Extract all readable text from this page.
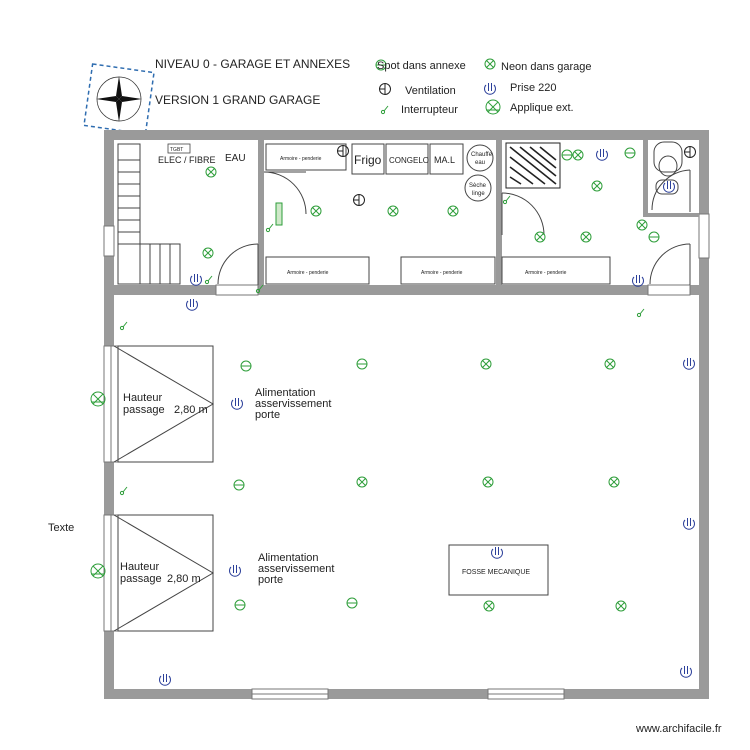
NIVEAU 0 - GARAGE ET ANNEXES
VERSION 1 GRAND GARAGE
Spot dans annexe	Neon dans garage
Ventilation	Prise 220
Interrupteur	Applique ext.
TGBT
ELEC / FIBRE EAU	Armoire - penderie	Frigo CONGELO MA.L	Chauffe
eau
Sèche
linge
Armoire - penderie	Armoire - penderie	Armoire - penderie
Hauteur
passage 2,80 m
Hauteur
passage 2,80 m
Alimentation
asservissement
porte
Alimentation
asservissement
porte
FOSSE MECANIQUE
Texte
www.archifacile.fr
